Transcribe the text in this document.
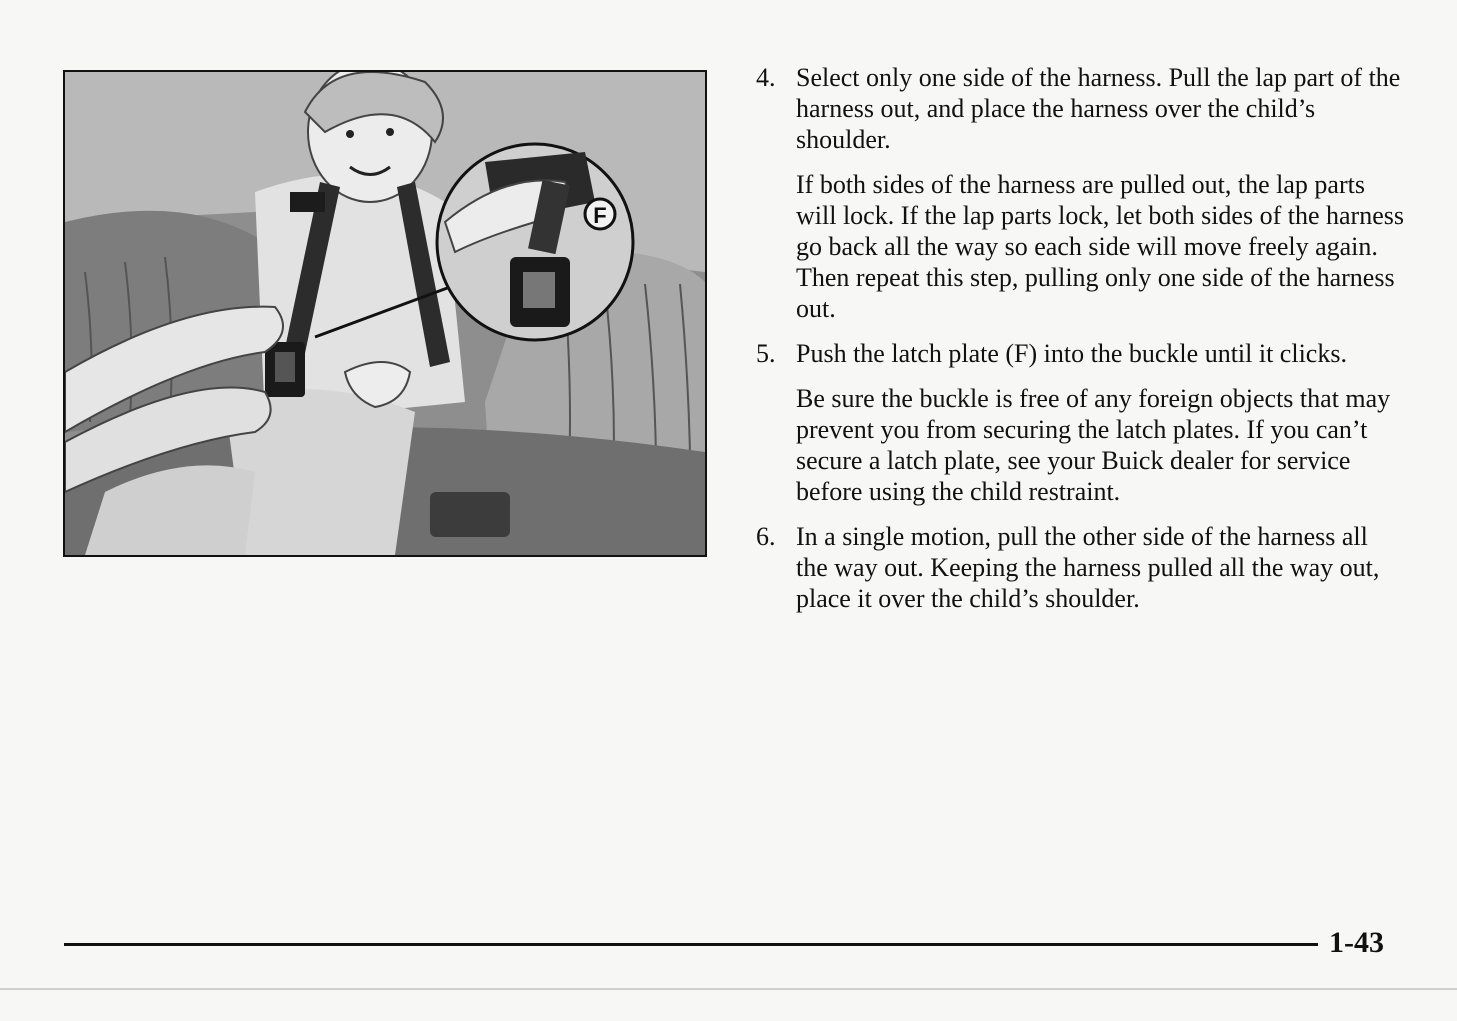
F
4. Select only one side of the harness. Pull the lap part of the harness out, and place the harness over the child’s shoulder.

If both sides of the harness are pulled out, the lap parts will lock. If the lap parts lock, let both sides of the harness go back all the way so each side will move freely again. Then repeat this step, pulling only one side of the harness out.

5. Push the latch plate (F) into the buckle until it clicks.

Be sure the buckle is free of any foreign objects that may prevent you from securing the latch plates. If you can’t secure a latch plate, see your Buick dealer for service before using the child restraint.

6. In a single motion, pull the other side of the harness all the way out. Keeping the harness pulled all the way out, place it over the child’s shoulder.

1-43
